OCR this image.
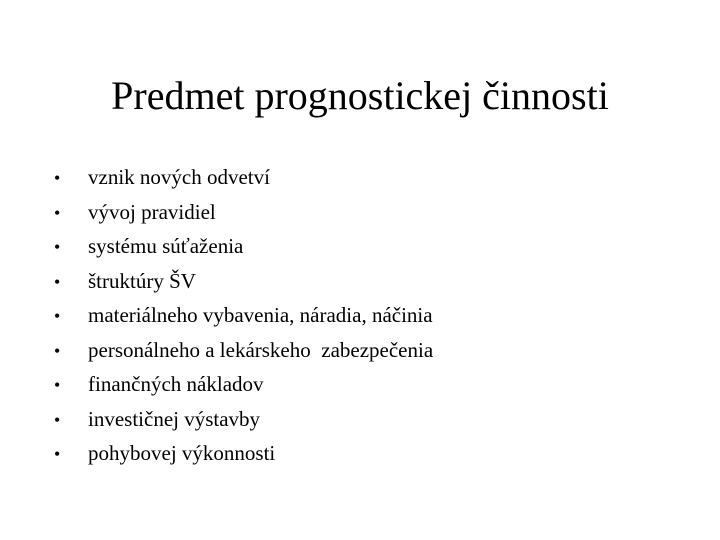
Predmet prognostickej činnosti
•	vznik nových odvetví
•	vývoj pravidiel
•	systému súťaženia
•	štruktúry ŠV
•	materiálneho vybavenia, náradia, náčinia
•	personálneho a lekárskeho  zabezpečenia
•	finančných nákladov
•	investičnej výstavby
•	pohybovej výkonnosti
